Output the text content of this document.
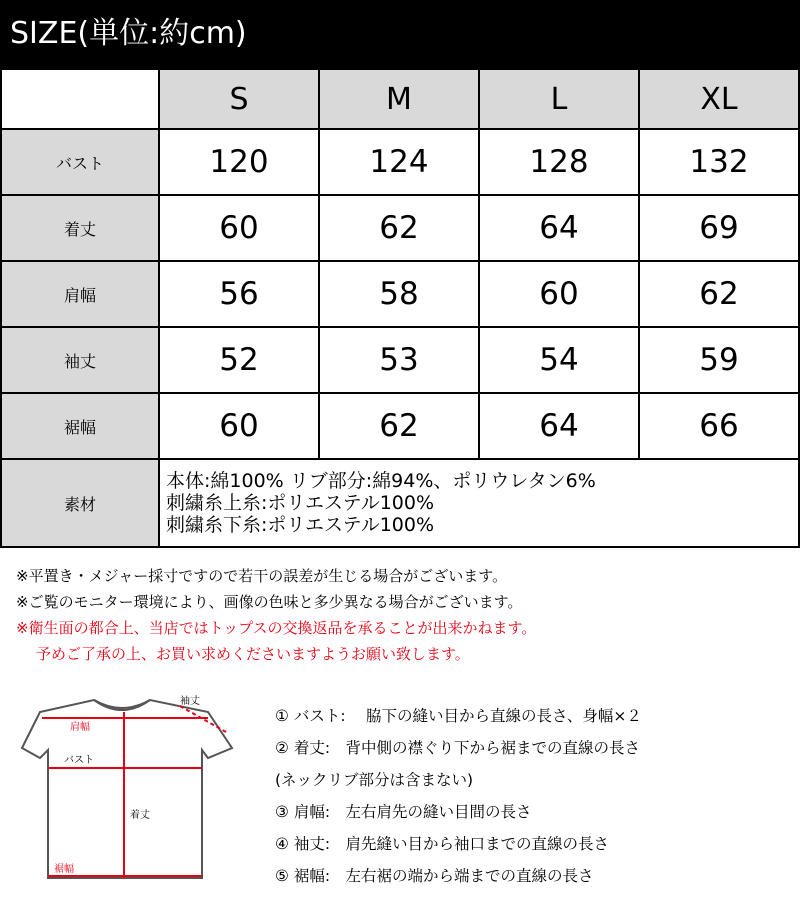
SIZE(単位:約cm)
	S	M	L	XL
バスト	120	124	128	132
着丈	60	62	64	69
肩幅	56	58	60	62
袖丈	52	53	54	59
裾幅	60	62	64	66
素材	本体:綿100% リブ部分:綿94%、ポリウレタン6%
刺繍糸上糸:ポリエステル100%
刺繍糸下糸:ポリエステル100%			
※平置き・メジャー採寸ですので若干の誤差が生じる場合がございます。
※ご覧のモニター環境により、画像の色味と多少異なる場合がございます。
※衛生面の都合上、当店ではトップスの交換返品を承ることが出来かねます。
予めご了承の上、お買い求めくださいますようお願い致します。
袖丈
肩幅
バスト
着丈
裾幅
① バスト:　 脇下の縫い目から直線の長さ、身幅×２
② 着丈:　背中側の襟ぐり下から裾までの直線の長さ
(ネックリブ部分は含まない)
③ 肩幅:　左右肩先の縫い目間の長さ
④ 袖丈:　肩先縫い目から袖口までの直線の長さ
⑤ 裾幅:　左右裾の端から端までの直線の長さ
